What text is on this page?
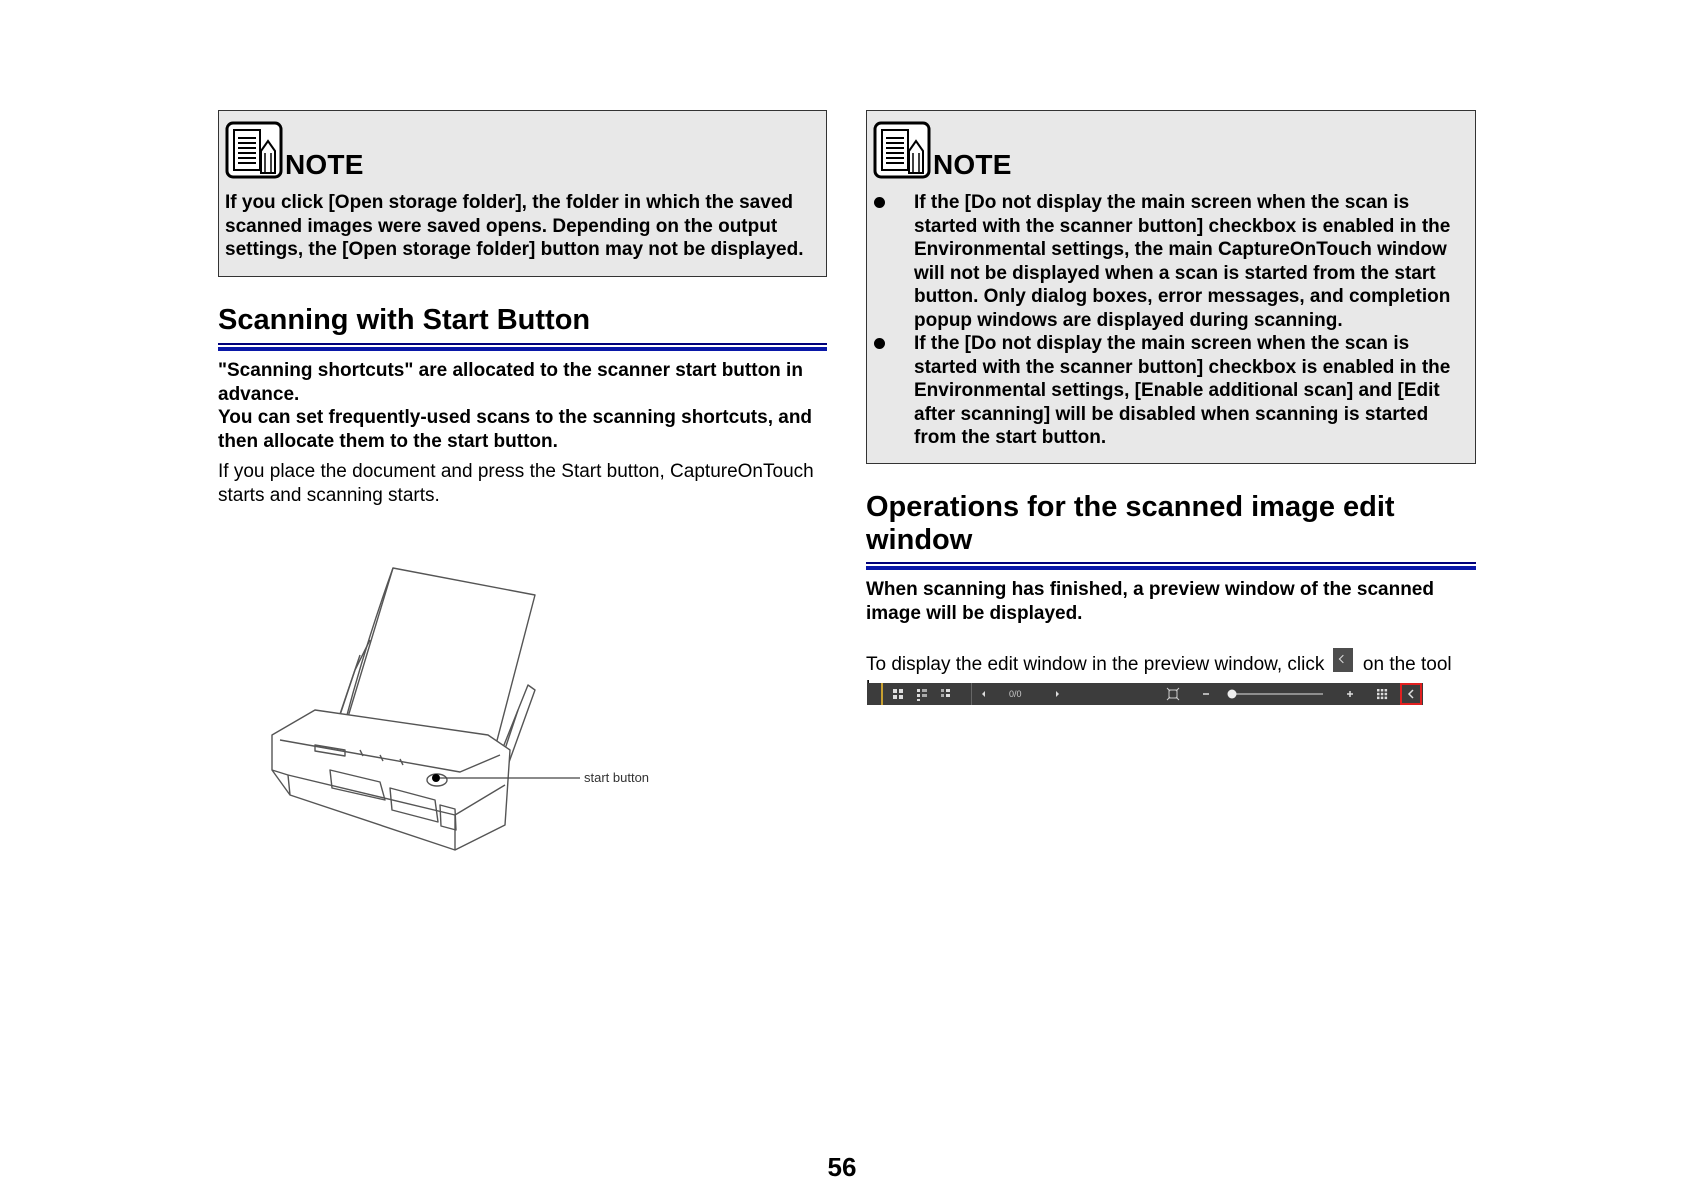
NOTE
If you click [Open storage folder], the folder in which the saved scanned images were saved opens. Depending on the output settings, the [Open storage folder] button may not be displayed.
Scanning with Start Button

"Scanning shortcuts" are allocated to the scanner start button in advance.

You can set frequently-used scans to the scanning shortcuts, and then allocate them to the start button.

If you place the document and press the Start button, CaptureOnTouch starts and scanning starts.

start button
NOTE
If the [Do not display the main screen when the scan is started with the scanner button] checkbox is enabled in the Environmental settings, the main CaptureOnTouch window will not be displayed when a scan is started from the start button. Only dialog boxes, error messages, and completion popup windows are displayed during scanning.
If the [Do not display the main screen when the scan is started with the scanner button] checkbox is enabled in the Environmental settings, [Enable additional scan] and [Edit after scanning] will be disabled when scanning is started from the start button.
Operations for the scanned image edit window

When scanning has finished, a preview window of the scanned image will be displayed.

To display the edit window in the preview window, click on the tool

0/0
56
